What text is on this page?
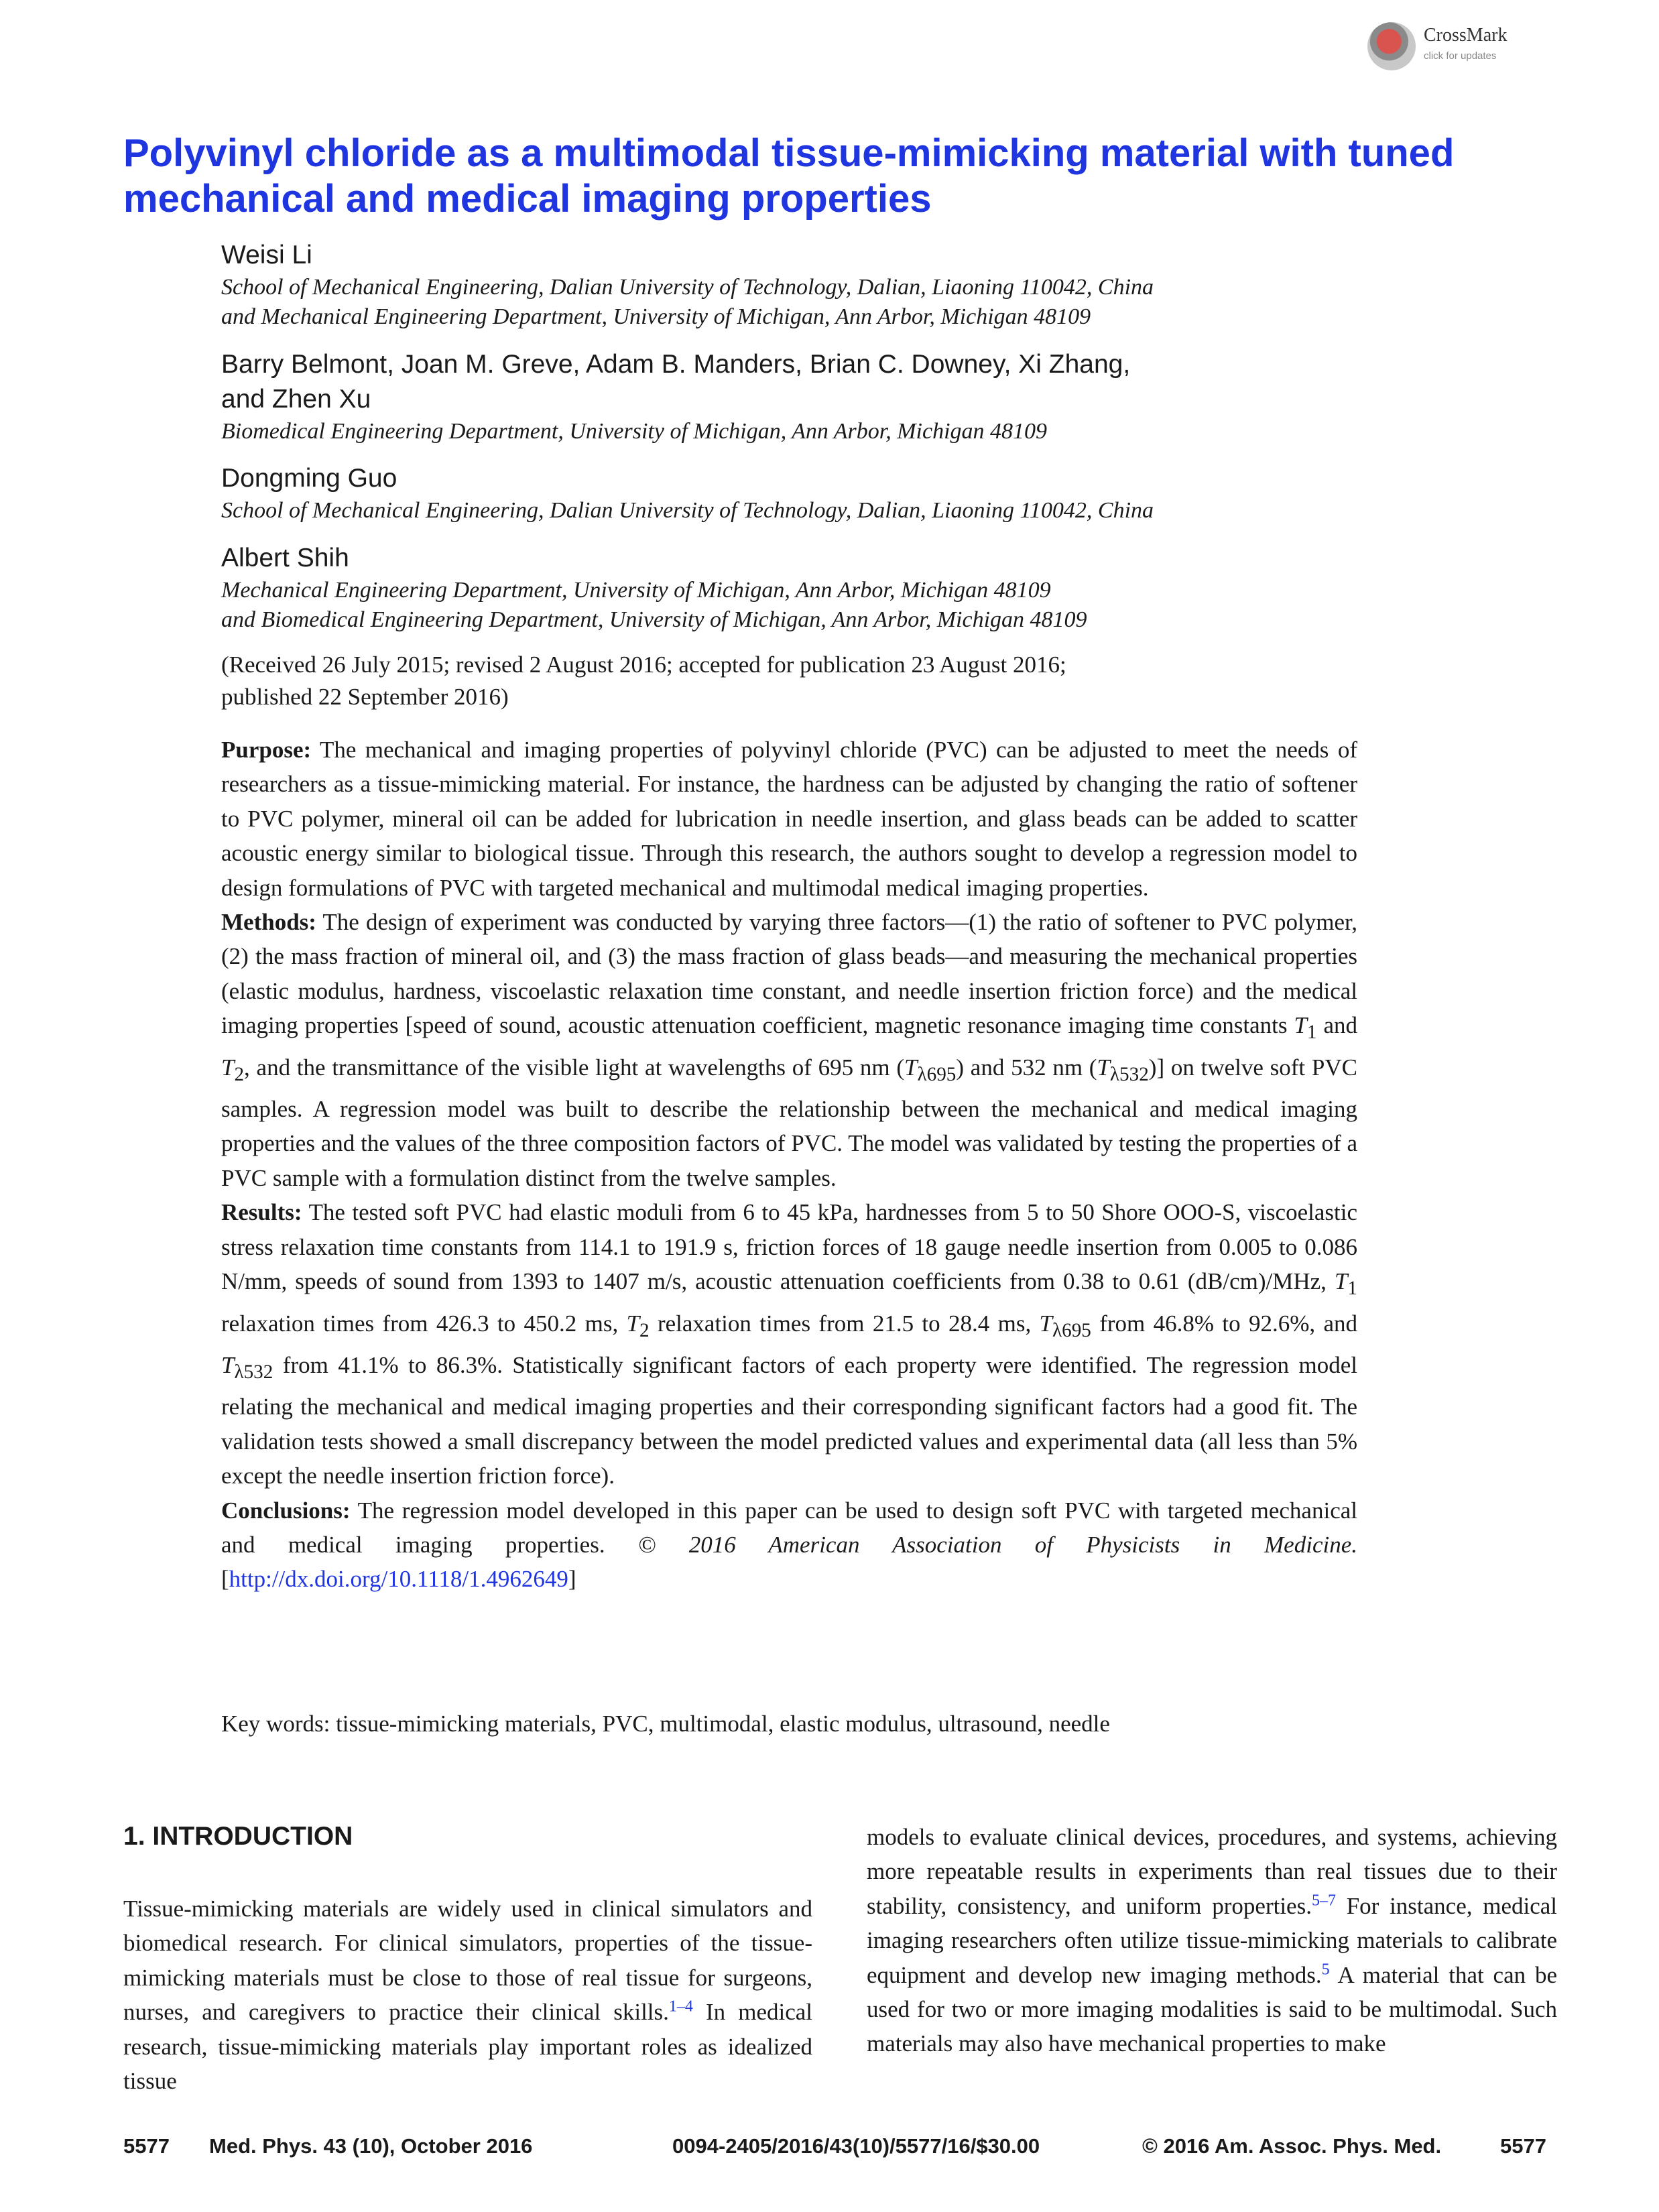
CrossMark
click for updates
Polyvinyl chloride as a multimodal tissue-mimicking material with tuned mechanical and medical imaging properties
Weisi Li
School of Mechanical Engineering, Dalian University of Technology, Dalian, Liaoning 110042, China
and Mechanical Engineering Department, University of Michigan, Ann Arbor, Michigan 48109
Barry Belmont, Joan M. Greve, Adam B. Manders, Brian C. Downey, Xi Zhang,
and Zhen Xu
Biomedical Engineering Department, University of Michigan, Ann Arbor, Michigan 48109
Dongming Guo
School of Mechanical Engineering, Dalian University of Technology, Dalian, Liaoning 110042, China
Albert Shih
Mechanical Engineering Department, University of Michigan, Ann Arbor, Michigan 48109
and Biomedical Engineering Department, University of Michigan, Ann Arbor, Michigan 48109
(Received 26 July 2015; revised 2 August 2016; accepted for publication 23 August 2016;
published 22 September 2016)

Purpose: The mechanical and imaging properties of polyvinyl chloride (PVC) can be adjusted to meet the needs of researchers as a tissue-mimicking material. For instance, the hardness can be adjusted by changing the ratio of softener to PVC polymer, mineral oil can be added for lubrication in needle insertion, and glass beads can be added to scatter acoustic energy similar to biological tissue. Through this research, the authors sought to develop a regression model to design formulations of PVC with targeted mechanical and multimodal medical imaging properties.

Methods: The design of experiment was conducted by varying three factors—(1) the ratio of softener to PVC polymer, (2) the mass fraction of mineral oil, and (3) the mass fraction of glass beads—and measuring the mechanical properties (elastic modulus, hardness, viscoelastic relaxation time constant, and needle insertion friction force) and the medical imaging properties [speed of sound, acoustic attenuation coefficient, magnetic resonance imaging time constants $T_1$ and $T_2$, and the transmittance of the visible light at wavelengths of 695 nm $(T_{\lambda 695})$ and 532 nm $(T_{\lambda 532})$] on twelve soft PVC samples. A regression model was built to describe the relationship between the mechanical and medical imaging properties and the values of the three composition factors of PVC. The model was validated by testing the properties of a PVC sample with a formulation distinct from the twelve samples.

Results: The tested soft PVC had elastic moduli from 6 to 45 kPa, hardnesses from 5 to 50 Shore OOO-S, viscoelastic stress relaxation time constants from 114.1 to 191.9 s, friction forces of 18 gauge needle insertion from 0.005 to 0.086 N/mm, speeds of sound from 1393 to 1407 m/s, acoustic attenuation coefficients from 0.38 to 0.61 (dB/cm)/MHz, $T_1$ relaxation times from 426.3 to 450.2 ms, $T_2$ relaxation times from 21.5 to 28.4 ms, $T_{\lambda 695}$ from 46.8% to 92.6%, and $T_{\lambda 532}$ from 41.1% to 86.3%. Statistically significant factors of each property were identified. The regression model relating the mechanical and medical imaging properties and their corresponding significant factors had a good fit. The validation tests showed a small discrepancy between the model predicted values and experimental data (all less than 5% except the needle insertion friction force).

Conclusions: The regression model developed in this paper can be used to design soft PVC with targeted mechanical and medical imaging properties. © 2016 American Association of Physicists in Medicine. [http://dx.doi.org/10.1118/1.4962649]

Key words: tissue-mimicking materials, PVC, multimodal, elastic modulus, ultrasound, needle
1. INTRODUCTION

Tissue-mimicking materials are widely used in clinical simulators and biomedical research. For clinical simulators, properties of the tissue-mimicking materials must be close to those of real tissue for surgeons, nurses, and caregivers to practice their clinical skills.$^{1-4}$ In medical research, tissue-mimicking materials play important roles as idealized tissue

models to evaluate clinical devices, procedures, and systems, achieving more repeatable results in experiments than real tissues due to their stability, consistency, and uniform properties.$^{5-7}$ For instance, medical imaging researchers often utilize tissue-mimicking materials to calibrate equipment and develop new imaging methods.$^5$ A material that can be used for two or more imaging modalities is said to be multimodal. Such materials may also have mechanical properties to make

5577 Med. Phys. 43 (10), October 2016	0094-2405/2016/43(10)/5577/16/$30.00	© 2016 Am. Assoc. Phys. Med.	5577
